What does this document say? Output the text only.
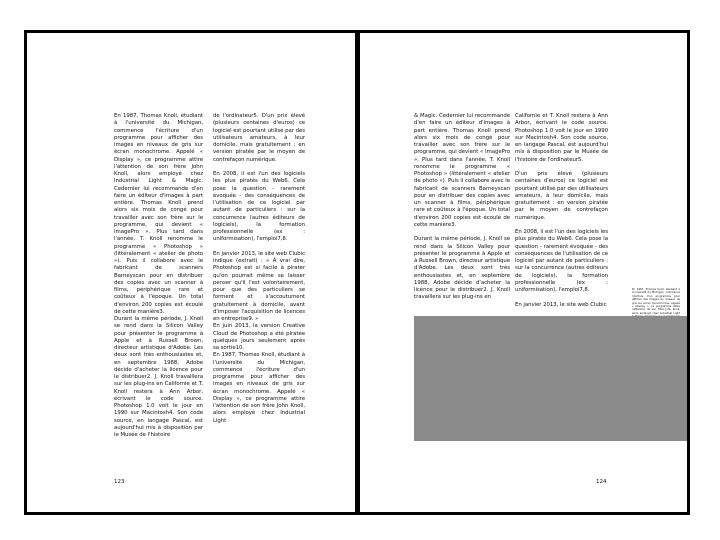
En 1987, Thomas Knoll, étudiant à l'université du Michigan, commence l'écriture d'un programme pour afficher des images en niveaux de gris sur écran monochrome. Appelé « Display », ce programme attire l'attention de son frère John Knoll, alors employé chez Industrial Light & Magic. Cedernier lui recommande d'en faire un éditeur d'images à part entière. Thomas Knoll prend alors six mois de congé pour travailler avec son frère sur le programme, qui devient « ImagePro ». Plus tard dans l'année, T. Knoll renomme le programme « Photoshop » (littéralement « atelier de photo »). Puis il collabore avec le fabricant de scanners Barneyscan pour en distribuer des copies avec un scanner à films, périphérique rare et coûteux à l'époque. Un total d'environ 200 copies est écoulé de cette manière3.
Durant la même période, J. Knoll se rend dans la Silicon Valley pour présenter le programme à Apple et à Russell Brown, directeur artistique d'Adobe. Les deux sont très enthousiastes et, en septembre 1988, Adobe décide d'acheter la licence pour le distribuer2. J. Knoll travaillera sur les plug-ins en Californie et T. Knoll restera à Ann Arbor, écrivant le code source. Photoshop 1.0 voit le jour en 1990 sur Macintosh4. Son code source, en langage Pascal, est aujourd'hui mis à disposition par le Musée de l'histoire
de l'ordinateur5. D'un prix élevé (plusieurs centaines d'euros) ce logiciel est pourtant utilisé par des utilisateurs amateurs, à leur domicile, mais gratuitement : en version piratée par le moyen de contrefaçon numérique.

En 2008, il est l'un des logiciels les plus piratés du Web6. Cela pose la question - rarement évoquée - des conséquences de l'utilisation de ce logiciel par autant de particuliers : sur la concurrence (autres éditeurs de logiciels), la formation professionnelle (ex : uniformisation), l'emploi7,8.

En janvier 2013, le site web Clubic indique (extrait) : « À vrai dire, Photoshop est si facile à pirater qu'on pourrait même se laisser penser qu'il l'est volontairement, pour que des particuliers se forment et s'accoutument gratuitement à domicile, avant d'imposer l'acquisition de licences en entreprise9. »
En juin 2013, la version Creative Cloud de Photoshop a été piratée quelques jours seulement après sa sortie10.
En 1987, Thomas Knoll, étudiant à l'université du Michigan, commence l'écriture d'un programme pour afficher des images en niveaux de gris sur écran monochrome. Appelé « Display », ce programme attire l'attention de son frère John Knoll, alors employé chez Industrial Light
123
& Magic. Cedernier lui recommande d'en faire un éditeur d'images à part entière. Thomas Knoll prend alors six mois de congé pour travailler avec son frère sur le programme, qui devient « ImagePro ». Plus tard dans l'année, T. Knoll renomme le programme « Photoshop » (littéralement « atelier de photo »). Puis il collabore avec le fabricant de scanners Barneyscan pour en distribuer des copies avec un scanner à films, périphérique rare et coûteux à l'époque. Un total d'environ 200 copies est écoulé de cette manière3.

Durant la même période, J. Knoll se rend dans la Silicon Valley pour présenter le programme à Apple et à Russell Brown, directeur artistique d'Adobe. Les deux sont très enthousiastes et, en septembre 1988, Adobe décide d'acheter la licence pour le distribuer2. J. Knoll travaillera sur les plug-ins en
Californie et T. Knoll restera à Ann Arbor, écrivant le code source. Photoshop 1.0 voit le jour en 1990 sur Macintosh4. Son code source, en langage Pascal, est aujourd'hui mis à disposition par le Musée de l'histoire de l'ordinateur5.

D'un prix élevé (plusieurs centaines d'euros) ce logiciel est pourtant utilisé par des utilisateurs amateurs, à leur domicile, mais gratuitement : en version piratée par le moyen de contrefaçon numérique.

En 2008, il est l'un des logiciels les plus piratés du Web6. Cela pose la question - rarement évoquée - des conséquences de l'utilisation de ce logiciel par autant de particuliers : sur la concurrence (autres éditeurs de logiciels), la formation professionnelle (ex : uniformisation), l'emploi7,8.

En janvier 2013, le site web Clubic
En 1987, Thomas Knoll, étudiant à l'université du Michigan, commence l'écriture d'un programme pour afficher des images en niveaux de gris sur écran monochrome. Appelé « Display », ce programme attire l'attention de son frère John Knoll, alors employé chez Industrial Light
124
